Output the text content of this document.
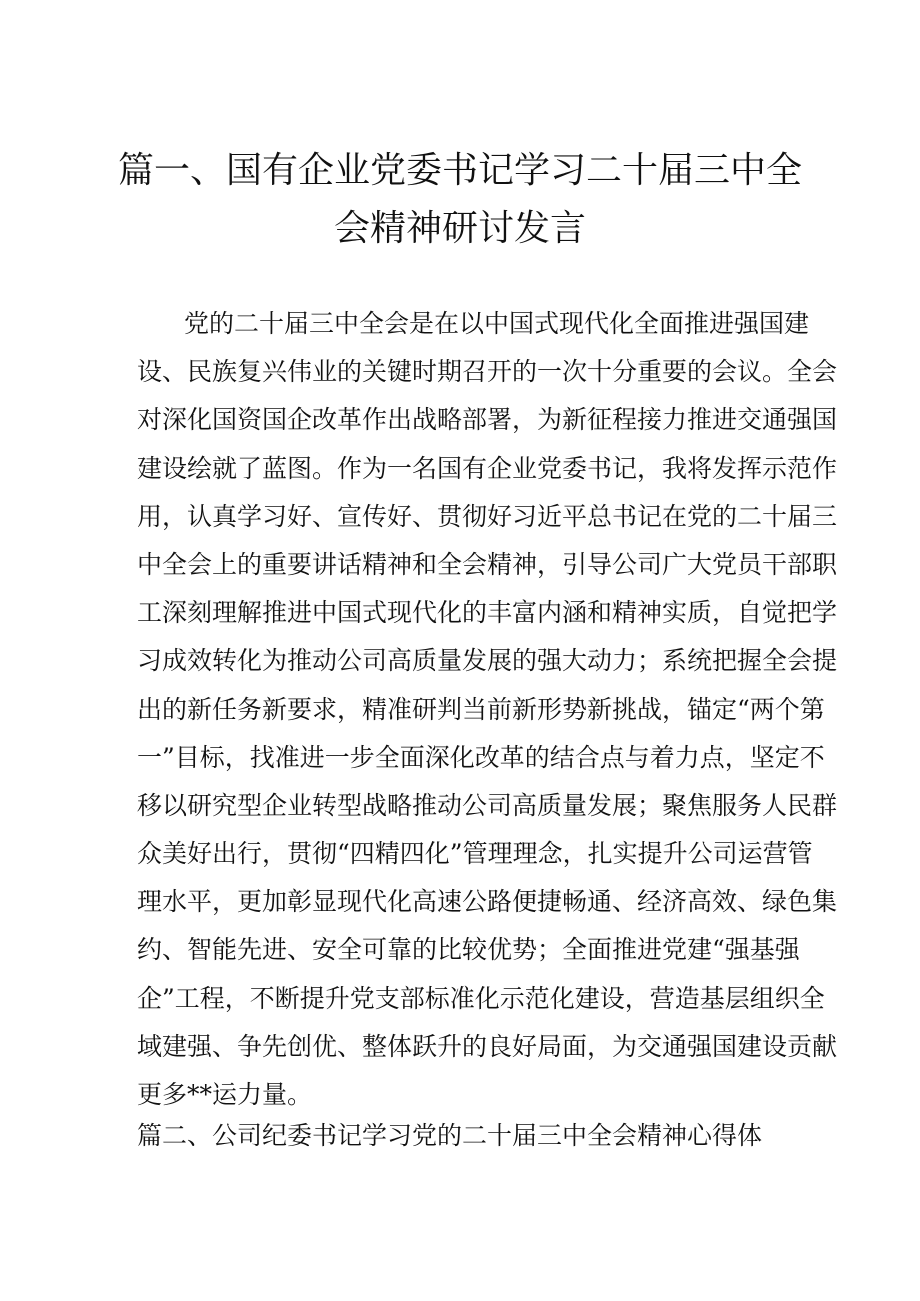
篇一、国有企业党委书记学习二十届三中全
会精神研讨发言
党的二十届三中全会是在以中国式现代化全面推进强国建
设、民族复兴伟业的关键时期召开的一次十分重要的会议。全会
对深化国资国企改革作出战略部署，为新征程接力推进交通强国
建设绘就了蓝图。作为一名国有企业党委书记，我将发挥示范作
用，认真学习好、宣传好、贯彻好习近平总书记在党的二十届三
中全会上的重要讲话精神和全会精神，引导公司广大党员干部职
工深刻理解推进中国式现代化的丰富内涵和精神实质，自觉把学
习成效转化为推动公司高质量发展的强大动力；系统把握全会提
出的新任务新要求，精准研判当前新形势新挑战，锚定“两个第
一”目标，找准进一步全面深化改革的结合点与着力点，坚定不
移以研究型企业转型战略推动公司高质量发展；聚焦服务人民群
众美好出行，贯彻“四精四化”管理理念，扎实提升公司运营管
理水平，更加彰显现代化高速公路便捷畅通、经济高效、绿色集
约、智能先进、安全可靠的比较优势；全面推进党建“强基强
企”工程，不断提升党支部标准化示范化建设，营造基层组织全
域建强、争先创优、整体跃升的良好局面，为交通强国建设贡献
更多**运力量。
篇二、公司纪委书记学习党的二十届三中全会精神心得体
